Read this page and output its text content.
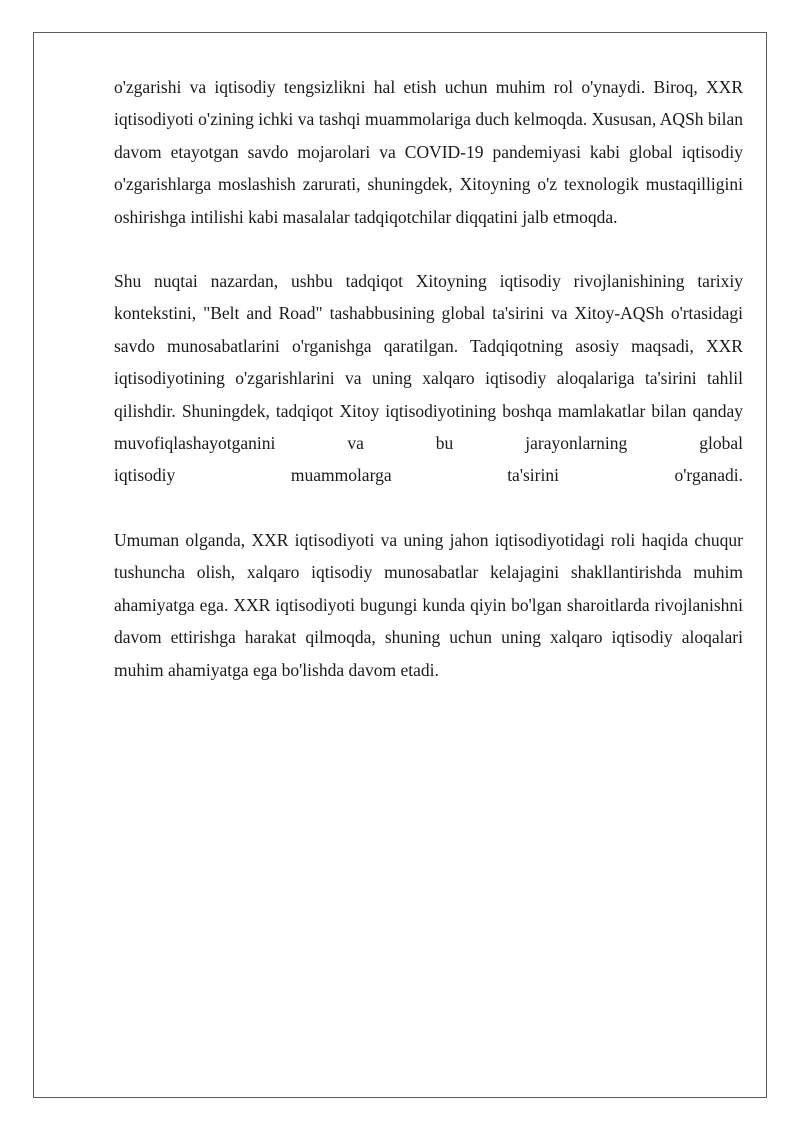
o'zgarishi va iqtisodiy tengsizlikni hal etish uchun muhim rol o'ynaydi. Biroq, XXR iqtisodiyoti o'zining ichki va tashqi muammolariga duch kelmoqda. Xususan, AQSh bilan davom etayotgan savdo mojarolari va COVID-19 pandemiyasi kabi global iqtisodiy o'zgarishlarga moslashish zarurati, shuningdek, Xitoyning o'z texnologik mustaqilligini oshirishga intilishi kabi masalalar tadqiqotchilar diqqatini jalb etmoqda.

Shu nuqtai nazardan, ushbu tadqiqot Xitoyning iqtisodiy rivojlanishining tarixiy kontekstini, "Belt and Road" tashabbusining global ta'sirini va Xitoy-AQSh o'rtasidagi savdo munosabatlarini o'rganishga qaratilgan. Tadqiqotning asosiy maqsadi, XXR iqtisodiyotining o'zgarishlarini va uning xalqaro iqtisodiy aloqalariga ta'sirini tahlil qilishdir. Shuningdek, tadqiqot Xitoy iqtisodiyotining boshqa mamlakatlar bilan qanday muvofiqlashayotganini va bu jarayonlarning global

iqtisodiy	muammolarga	ta'sirini	o'rganadi.

Umuman olganda, XXR iqtisodiyoti va uning jahon iqtisodiyotidagi roli haqida chuqur tushuncha olish, xalqaro iqtisodiy munosabatlar kelajagini shakllantirishda muhim ahamiyatga ega. XXR iqtisodiyoti bugungi kunda qiyin bo'lgan sharoitlarda rivojlanishni davom ettirishga harakat qilmoqda, shuning uchun uning xalqaro iqtisodiy aloqalari muhim ahamiyatga ega bo'lishda davom etadi.
